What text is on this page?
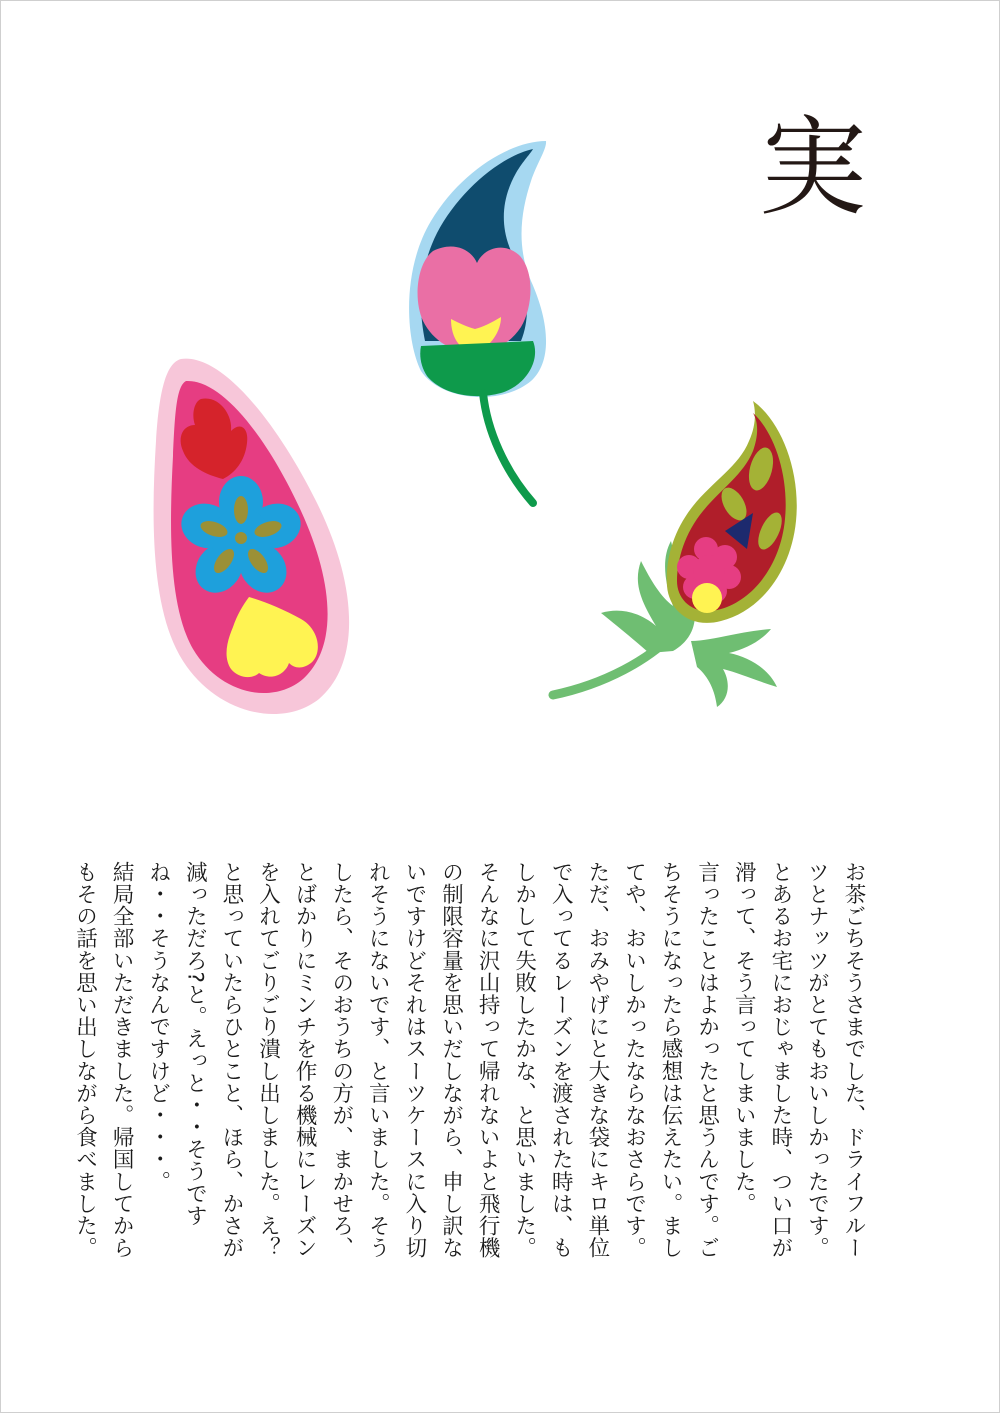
実
お茶ごちそうさまでした、ドライフルー
ツとナッツがとてもおいしかったです。
とあるお宅におじゃました時、つい口が
滑って、そう言ってしまいました。
言ったことはよかったと思うんです。ご
ちそうになったら感想は伝えたい。まし
てや、おいしかったならなおさらです。
ただ、おみやげにと大きな袋にキロ単位
で入ってるレーズンを渡された時は、も
しかして失敗したかな、と思いました。
そんなに沢山持って帰れないよと飛行機
の制限容量を思いだしながら、申し訳な
いですけどそれはスーツケースに入り切
れそうにないです、と言いました。そう
したら、そのおうちの方が、まかせろ、
とばかりにミンチを作る機械にレーズン
を入れてごりごり潰し出しました。え？
と思っていたらひとこと、ほら、かさが
減っただろ?と。えっと・・そうです
ね・・そうなんですけど・・・。
結局全部いただきました。帰国してから
もその話を思い出しながら食べました。
